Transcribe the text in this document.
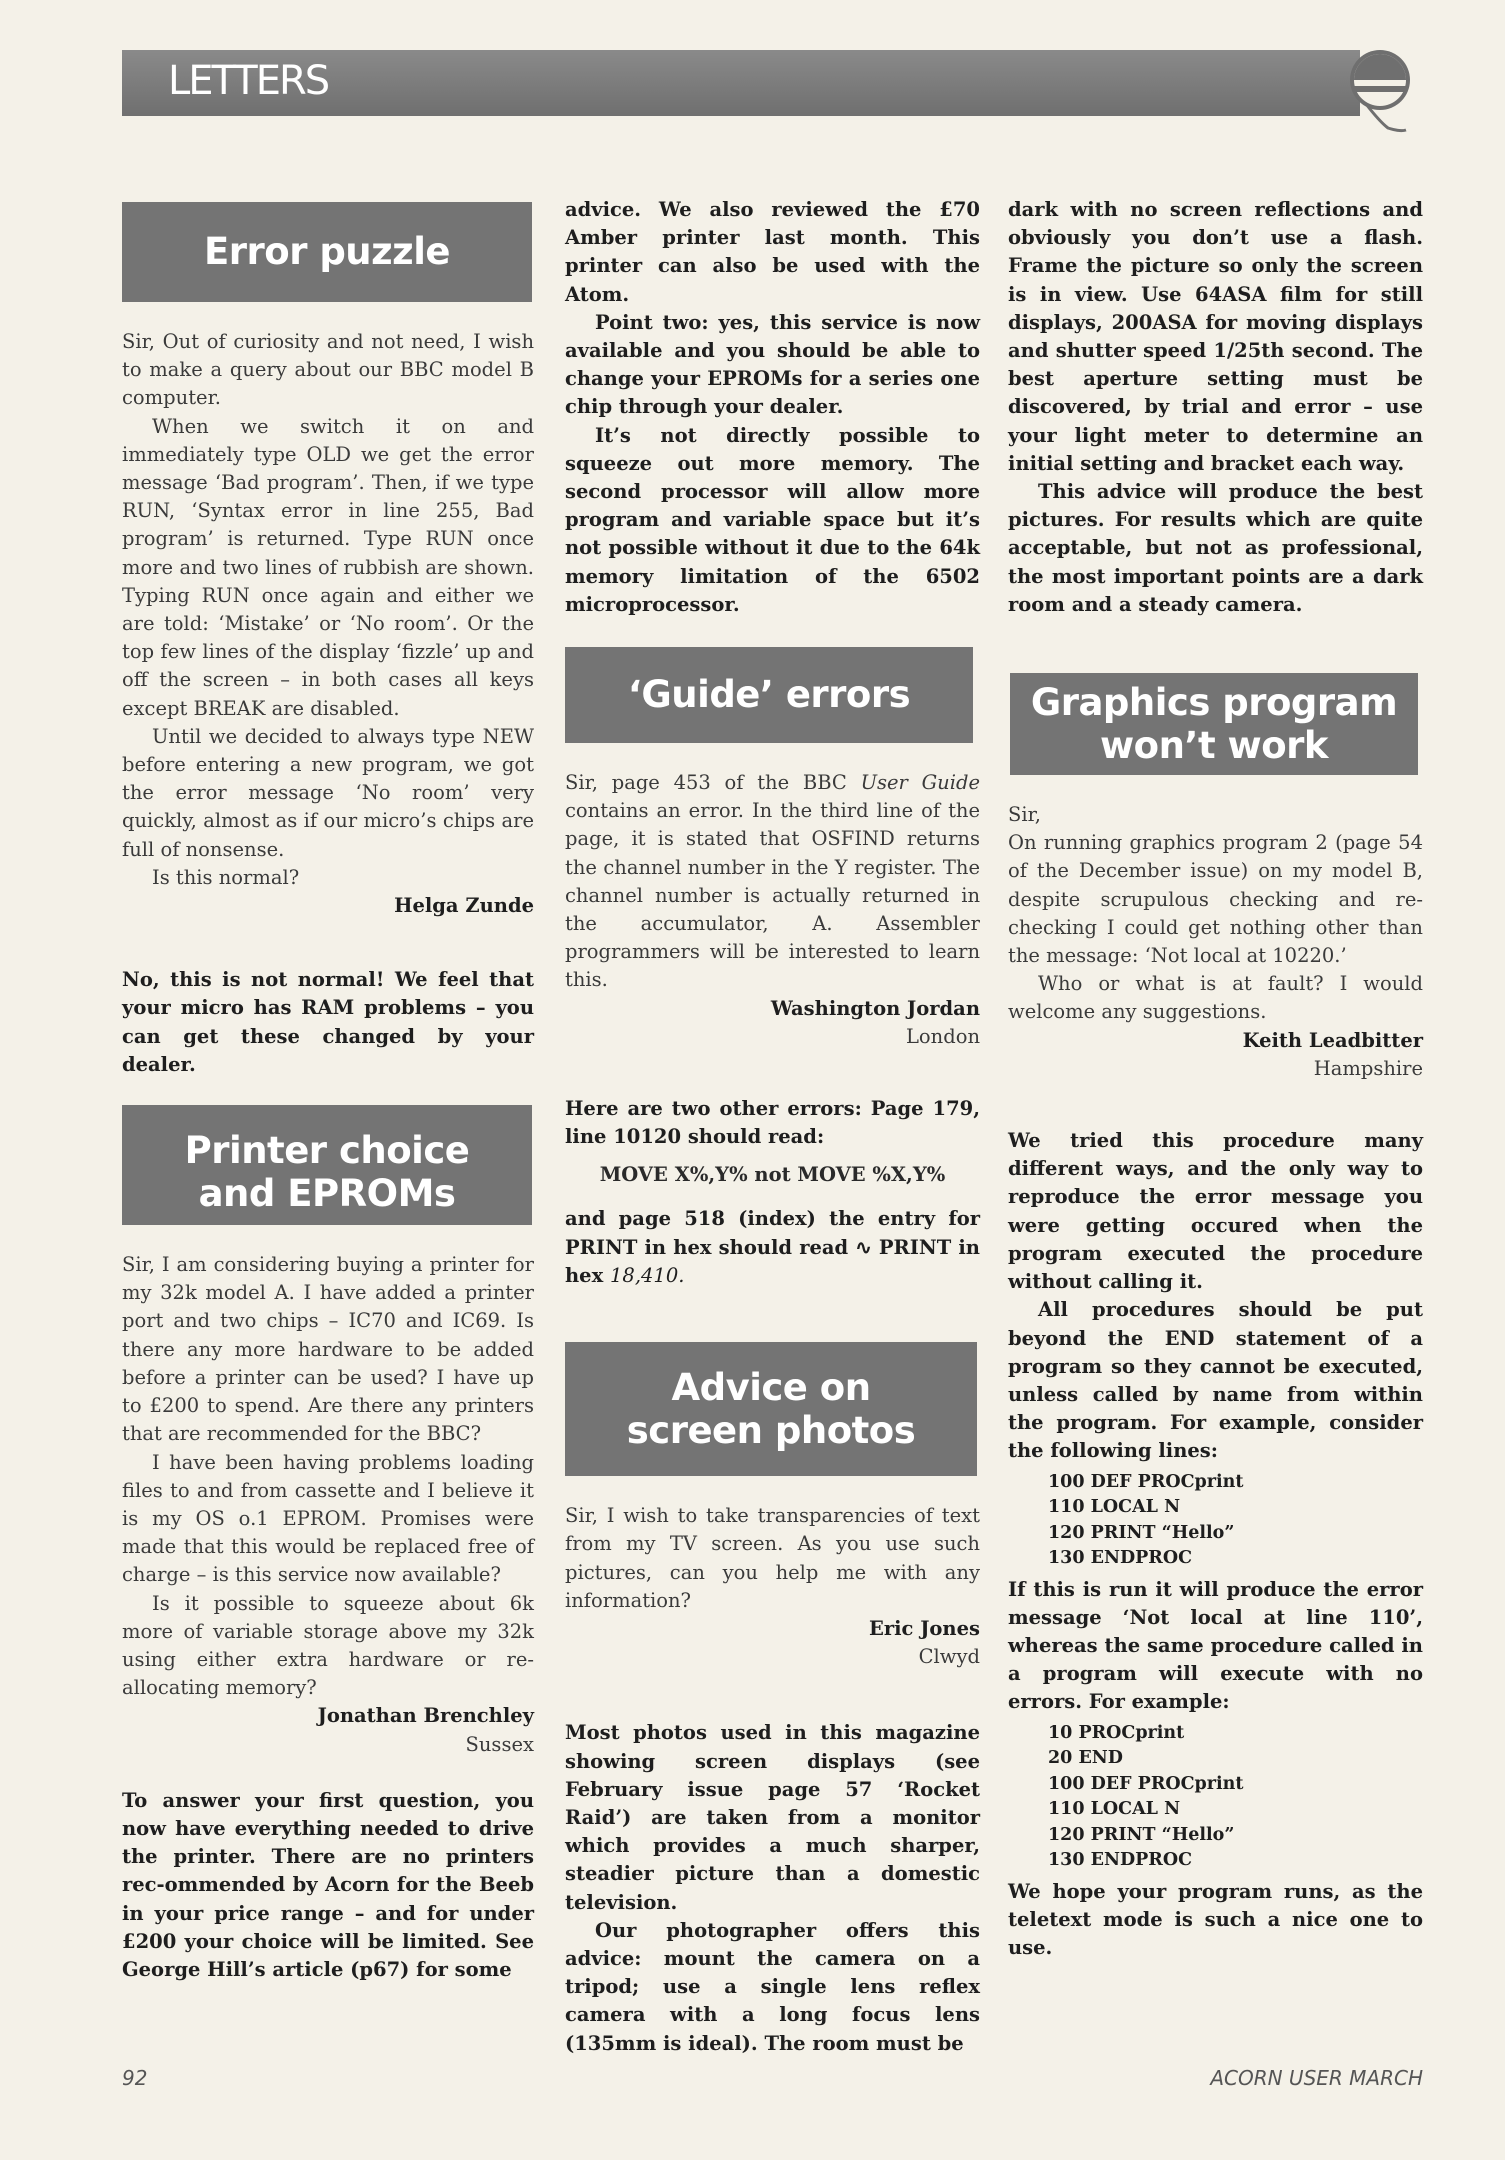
LETTERS
Error puzzle

Sir, Out of curiosity and not need, I wish to make a query about our BBC model B computer.

When we switch it on and immediately type OLD we get the error message ‘Bad program’. Then, if we type RUN, ‘Syntax error in line 255, Bad program’ is returned. Type RUN once more and two lines of rubbish are shown. Typing RUN once again and either we are told: ‘Mistake’ or ‘No room’. Or the top few lines of the display ‘fizzle’ up and off the screen – in both cases all keys except BREAK are disabled.

Until we decided to always type NEW before entering a new program, we got the error message ‘No room’ very quickly, almost as if our micro’s chips are full of nonsense.

Is this normal?

Helga Zunde

No, this is not normal! We feel that your micro has RAM problems – you can get these changed by your dealer.

Printer choice
and EPROMs

Sir, I am considering buying a printer for my 32k model A. I have added a printer port and two chips – IC70 and IC69. Is there any more hardware to be added before a printer can be used? I have up to £200 to spend. Are there any printers that are recommended for the BBC?

I have been having problems loading files to and from cassette and I believe it is my OS o.1 EPROM. Promises were made that this would be replaced free of charge – is this service now available?

Is it possible to squeeze about 6k more of variable storage above my 32k using either extra hardware or re-allocating memory?

Jonathan Brenchley
Sussex

To answer your first question, you now have everything needed to drive the printer. There are no printers rec-ommended by Acorn for the Beeb in your price range – and for under £200 your choice will be limited. See George Hill’s article (p67) for some

advice. We also reviewed the £70 Amber printer last month. This printer can also be used with the Atom.

Point two: yes, this service is now available and you should be able to change your EPROMs for a series one chip through your dealer.

It’s not directly possible to squeeze out more memory. The second processor will allow more program and variable space but it’s not possible without it due to the 64k memory limitation of the 6502 microprocessor.

‘Guide’ errors

Sir, page 453 of the BBC User Guide contains an error. In the third line of the page, it is stated that OSFIND returns the channel number in the Y register. The channel number is actually returned in the accumulator, A. Assembler programmers will be interested to learn this.

Washington Jordan
London

Here are two other errors: Page 179, line 10120 should read:

MOVE X%,Y% not MOVE %X,Y%

and page 518 (index) the entry for PRINT in hex should read ∿ PRINT in hex 18,410.

Advice on
screen photos

Sir, I wish to take transparencies of text from my TV screen. As you use such pictures, can you help me with any information?

Eric Jones
Clwyd

Most photos used in this magazine showing screen displays (see February issue page 57 ‘Rocket Raid’) are taken from a monitor which provides a much sharper, steadier picture than a domestic television.

Our photographer offers this advice: mount the camera on a tripod; use a single lens reflex camera with a long focus lens (135mm is ideal). The room must be

dark with no screen reflections and obviously you don’t use a flash. Frame the picture so only the screen is in view. Use 64ASA film for still displays, 200ASA for moving displays and shutter speed 1/25th second. The best aperture setting must be discovered, by trial and error – use your light meter to determine an initial setting and bracket each way.

This advice will produce the best pictures. For results which are quite acceptable, but not as professional, the most important points are a dark room and a steady camera.

Graphics program
won’t work

Sir,

On running graphics program 2 (page 54 of the December issue) on my model B, despite scrupulous checking and re-checking I could get nothing other than the message: ‘Not local at 10220.’

Who or what is at fault? I would welcome any suggestions.

Keith Leadbitter
Hampshire

We tried this procedure many different ways, and the only way to reproduce the error message you were getting occured when the program executed the procedure without calling it.

All procedures should be put beyond the END statement of a program so they cannot be executed, unless called by name from within the program. For example, consider the following lines:

100 DEF PROCprint
110 LOCAL N
120 PRINT “Hello”
130 ENDPROC

If this is run it will produce the error message ‘Not local at line 110’, whereas the same procedure called in a program will execute with no errors. For example:

10 PROCprint
20 END
100 DEF PROCprint
110 LOCAL N
120 PRINT “Hello”
130 ENDPROC

We hope your program runs, as the teletext mode is such a nice one to use.

92	ACORN USER MARCH
